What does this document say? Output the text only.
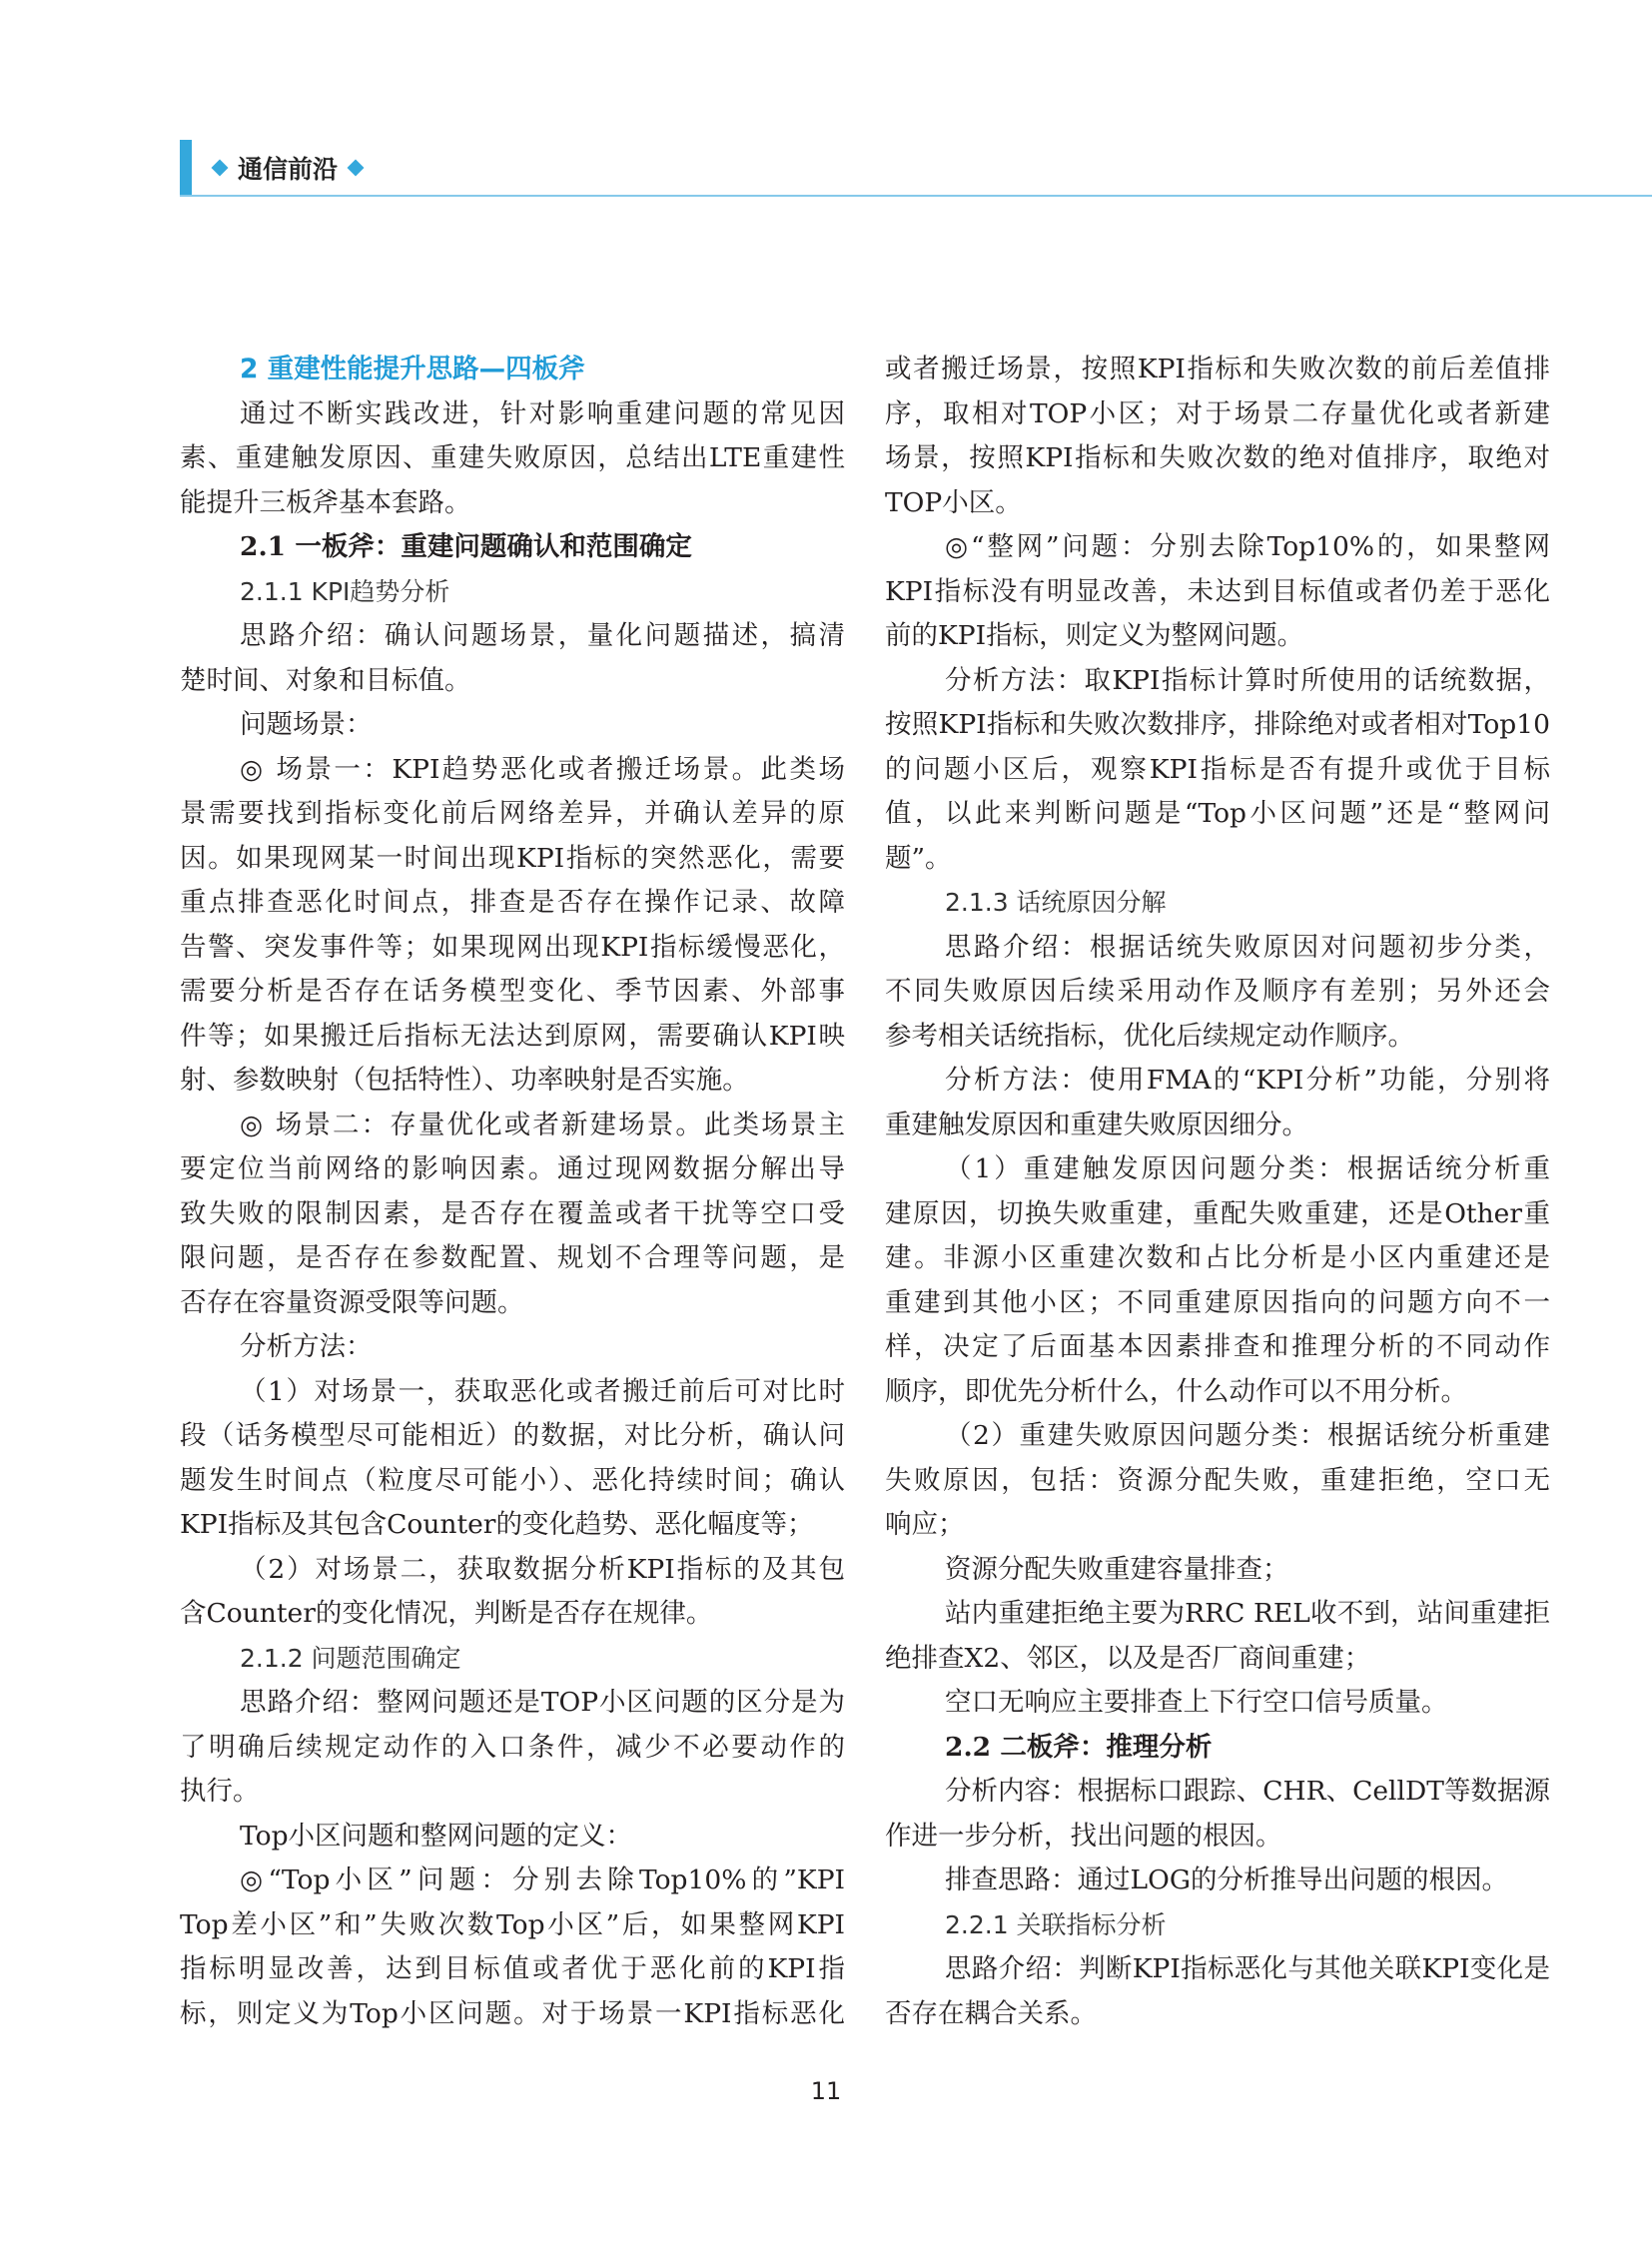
通信前沿
2 重建性能提升思路—四板斧
通过不断实践改进，针对影响重建问题的常见因
素、重建触发原因、重建失败原因，总结出LTE重建性
能提升三板斧基本套路。
2.1 一板斧：重建问题确认和范围确定
2.1.1 KPI趋势分析
思路介绍：确认问题场景，量化问题描述，搞清
楚时间、对象和目标值。
问题场景：
◎ 场景一：KPI趋势恶化或者搬迁场景。此类场
景需要找到指标变化前后网络差异，并确认差异的原
因。如果现网某一时间出现KPI指标的突然恶化，需要
重点排查恶化时间点，排查是否存在操作记录、故障
告警、突发事件等；如果现网出现KPI指标缓慢恶化，
需要分析是否存在话务模型变化、季节因素、外部事
件等；如果搬迁后指标无法达到原网，需要确认KPI映
射、参数映射（包括特性）、功率映射是否实施。
◎ 场景二：存量优化或者新建场景。此类场景主
要定位当前网络的影响因素。通过现网数据分解出导
致失败的限制因素，是否存在覆盖或者干扰等空口受
限问题，是否存在参数配置、规划不合理等问题，是
否存在容量资源受限等问题。
分析方法：
（1）对场景一，获取恶化或者搬迁前后可对比时
段（话务模型尽可能相近）的数据，对比分析，确认问
题发生时间点（粒度尽可能小）、恶化持续时间；确认
KPI指标及其包含Counter的变化趋势、恶化幅度等；
（2）对场景二，获取数据分析KPI指标的及其包
含Counter的变化情况，判断是否存在规律。
2.1.2 问题范围确定
思路介绍：整网问题还是TOP小区问题的区分是为
了明确后续规定动作的入口条件，减少不必要动作的
执行。
Top小区问题和整网问题的定义：
◎“Top小区”问题：分别去除Top10%的”KPI
Top差小区”和”失败次数Top小区”后，如果整网KPI
指标明显改善，达到目标值或者优于恶化前的KPI指
标，则定义为Top小区问题。对于场景一KPI指标恶化
或者搬迁场景，按照KPI指标和失败次数的前后差值排
序，取相对TOP小区；对于场景二存量优化或者新建
场景，按照KPI指标和失败次数的绝对值排序，取绝对
TOP小区。
◎“整网”问题：分别去除Top10%的，如果整网
KPI指标没有明显改善，未达到目标值或者仍差于恶化
前的KPI指标，则定义为整网问题。
分析方法：取KPI指标计算时所使用的话统数据，
按照KPI指标和失败次数排序，排除绝对或者相对Top10
的问题小区后，观察KPI指标是否有提升或优于目标
值，以此来判断问题是“Top小区问题”还是“整网问
题”。
2.1.3 话统原因分解
思路介绍：根据话统失败原因对问题初步分类，
不同失败原因后续采用动作及顺序有差别；另外还会
参考相关话统指标，优化后续规定动作顺序。
分析方法：使用FMA的“KPI分析”功能，分别将
重建触发原因和重建失败原因细分。
（1）重建触发原因问题分类：根据话统分析重
建原因，切换失败重建，重配失败重建，还是Other重
建。非源小区重建次数和占比分析是小区内重建还是
重建到其他小区；不同重建原因指向的问题方向不一
样，决定了后面基本因素排查和推理分析的不同动作
顺序，即优先分析什么，什么动作可以不用分析。
（2）重建失败原因问题分类：根据话统分析重建
失败原因，包括：资源分配失败，重建拒绝，空口无
响应；
资源分配失败重建容量排查；
站内重建拒绝主要为RRC REL收不到，站间重建拒
绝排查X2、邻区，以及是否厂商间重建；
空口无响应主要排查上下行空口信号质量。
2.2 二板斧：推理分析
分析内容：根据标口跟踪、CHR、CellDT等数据源
作进一步分析，找出问题的根因。
排查思路：通过LOG的分析推导出问题的根因。
2.2.1 关联指标分析
思路介绍：判断KPI指标恶化与其他关联KPI变化是
否存在耦合关系。
11
